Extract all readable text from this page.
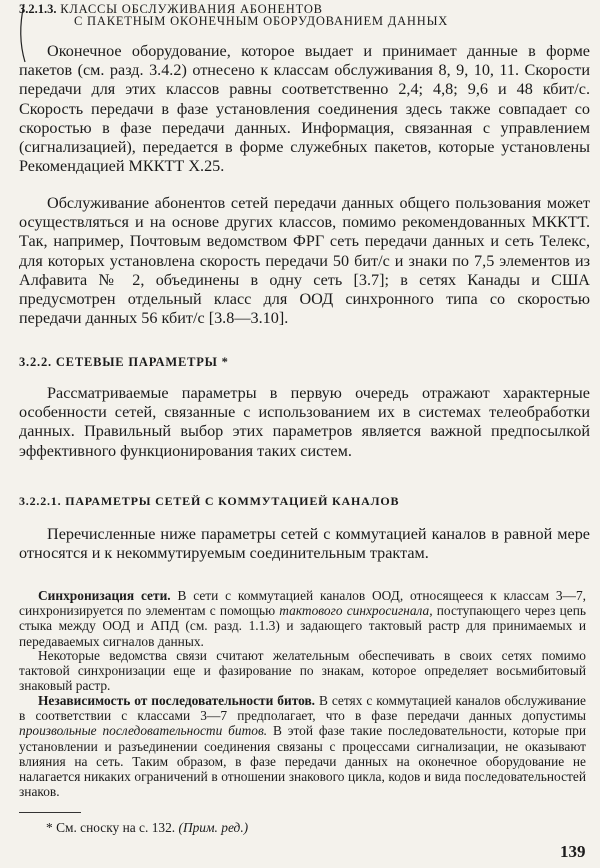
3.2.1.3. КЛАССЫ ОБСЛУЖИВАНИЯ АБОНЕНТОВ
С ПАКЕТНЫМ ОКОНЕЧНЫМ ОБОРУДОВАНИЕМ ДАННЫХ

Оконечное оборудование, которое выдает и принимает данные в форме пакетов (см. разд. 3.4.2) отнесено к классам обслуживания 8, 9, 10, 11. Скорости передачи для этих классов равны соответственно 2,4; 4,8; 9,6 и 48 кбит/с. Скорость передачи в фазе установления соединения здесь также совпадает со скоростью в фазе передачи данных. Информация, связанная с управлением (сигнализацией), передается в форме служебных пакетов, которые установлены Рекомендацией МККТТ Х.25.

Обслуживание абонентов сетей передачи данных общего пользования может осуществляться и на основе других классов, помимо рекомендованных МККТТ. Так, например, Почтовым ведомством ФРГ сеть передачи данных и сеть Телекс, для которых установлена скорость передачи 50 бит/с и знаки по 7,5 элементов из Алфавита № 2, объединены в одну сеть [3.7]; в сетях Канады и США предусмотрен отдельный класс для ООД синхронного типа со скоростью передачи данных 56 кбит/с [3.8—3.10].

3.2.2. СЕТЕВЫЕ ПАРАМЕТРЫ *

Рассматриваемые параметры в первую очередь отражают характерные особенности сетей, связанные с использованием их в системах телеобработки данных. Правильный выбор этих параметров является важной предпосылкой эффективного функционирования таких систем.

3.2.2.1. ПАРАМЕТРЫ СЕТЕЙ С КОММУТАЦИЕЙ КАНАЛОВ

Перечисленные ниже параметры сетей с коммутацией каналов в равной мере относятся и к некоммутируемым соединительным трактам.

Синхронизация сети. В сети с коммутацией каналов ООД, относящееся к классам 3—7, синхронизируется по элементам с помощью тактового синхросигнала, поступающего через цепь стыка между ООД и АПД (см. разд. 1.1.3) и задающего тактовый растр для принимаемых и передаваемых сигналов данных.

Некоторые ведомства связи считают желательным обеспечивать в своих сетях помимо тактовой синхронизации еще и фазирование по знакам, которое определяет восьмибитовый знаковый растр.

Независимость от последовательности битов. В сетях с коммутацией каналов обслуживание в соответствии с классами 3—7 предполагает, что в фазе передачи данных допустимы произвольные последовательности битов. В этой фазе такие последовательности, которые при установлении и разъединении соединения связаны с процессами сигнализации, не оказывают влияния на сеть. Таким образом, в фазе передачи данных на оконечное оборудование не налагается никаких ограничений в отношении знакового цикла, кодов и вида последовательностей знаков.

* См. сноску на с. 132. (Прим. ред.)
139
